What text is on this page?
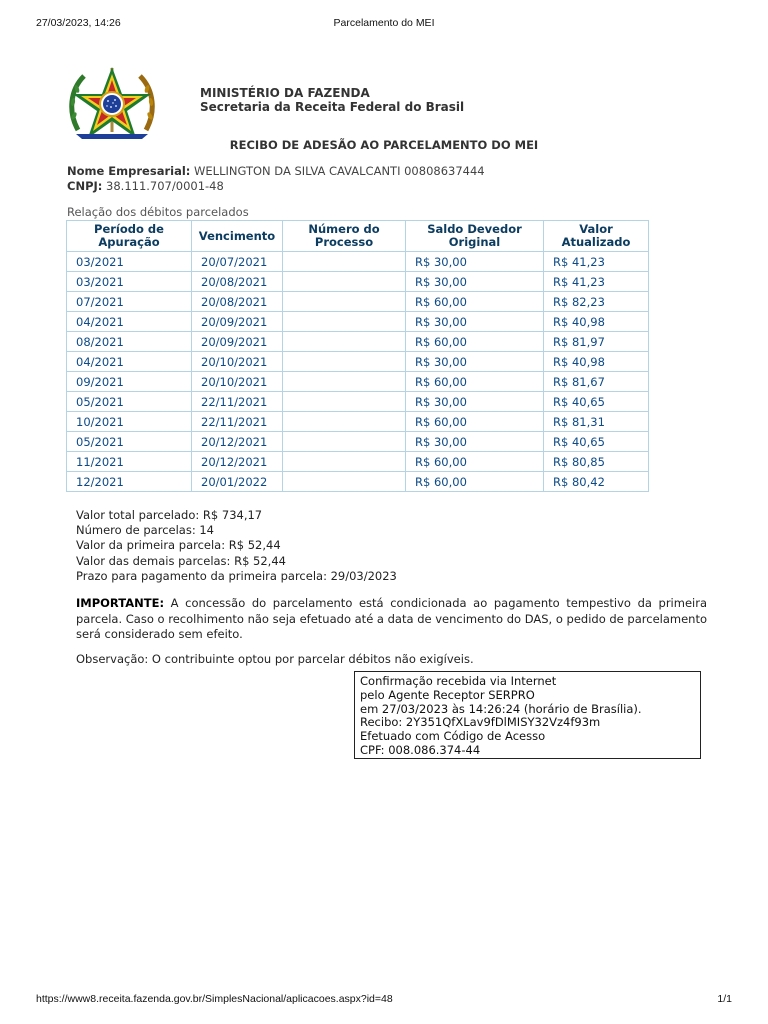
27/03/2023, 14:26	Parcelamento do MEI
MINISTÉRIO DA FAZENDA
Secretaria da Receita Federal do Brasil
RECIBO DE ADESÃO AO PARCELAMENTO DO MEI
Nome Empresarial: WELLINGTON DA SILVA CAVALCANTI 00808637444
CNPJ: 38.111.707/0001-48
Relação dos débitos parcelados
Período de Apuração	Vencimento	Número do Processo	Saldo Devedor Original	Valor Atualizado
03/2021	20/07/2021		R$ 30,00	R$ 41,23
03/2021	20/08/2021		R$ 30,00	R$ 41,23
07/2021	20/08/2021		R$ 60,00	R$ 82,23
04/2021	20/09/2021		R$ 30,00	R$ 40,98
08/2021	20/09/2021		R$ 60,00	R$ 81,97
04/2021	20/10/2021		R$ 30,00	R$ 40,98
09/2021	20/10/2021		R$ 60,00	R$ 81,67
05/2021	22/11/2021		R$ 30,00	R$ 40,65
10/2021	22/11/2021		R$ 60,00	R$ 81,31
05/2021	20/12/2021		R$ 30,00	R$ 40,65
11/2021	20/12/2021		R$ 60,00	R$ 80,85
12/2021	20/01/2022		R$ 60,00	R$ 80,42
Valor total parcelado: R$ 734,17
Número de parcelas: 14
Valor da primeira parcela: R$ 52,44
Valor das demais parcelas: R$ 52,44
Prazo para pagamento da primeira parcela: 29/03/2023
IMPORTANTE: A concessão do parcelamento está condicionada ao pagamento tempestivo da primeira parcela. Caso o recolhimento não seja efetuado até a data de vencimento do DAS, o pedido de parcelamento será considerado sem efeito.
Observação: O contribuinte optou por parcelar débitos não exigíveis.
Confirmação recebida via Internet
pelo Agente Receptor SERPRO
em 27/03/2023 às 14:26:24 (horário de Brasília).
Recibo: 2Y351QfXLav9fDlMISY32Vz4f93m
Efetuado com Código de Acesso
CPF: 008.086.374-44
https://www8.receita.fazenda.gov.br/SimplesNacional/aplicacoes.aspx?id=48	1/1
